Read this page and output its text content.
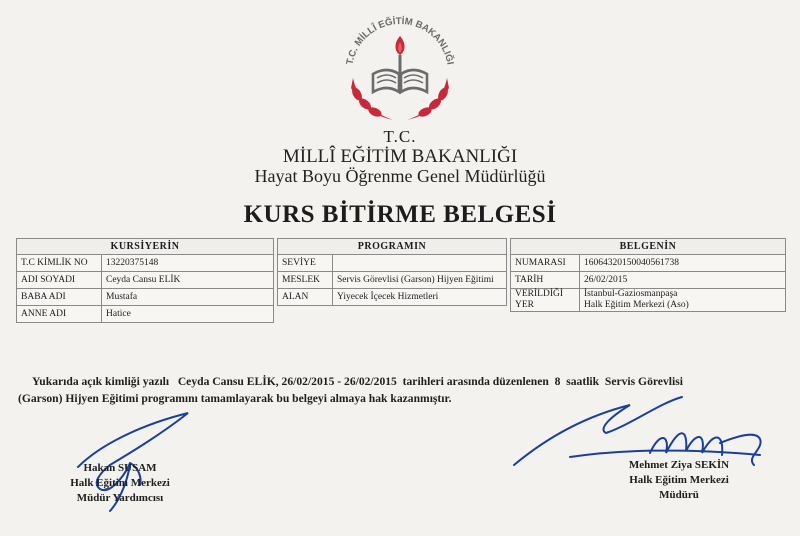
T.C. MİLLÎ EĞİTİM BAKANLIĞI
T.C.
MİLLÎ EĞİTİM BAKANLIĞI
Hayat Boyu Öğrenme Genel Müdürlüğü
KURS BİTİRME BELGESİ
KURSİYERİN	
T.C KİMLİK NO	13220375148
ADI SOYADI	Ceyda Cansu ELİK
BABA ADI	Mustafa
ANNE ADI	Hatice
PROGRAMIN	
SEVİYE	
MESLEK	Servis Görevlisi (Garson) Hijyen Eğitimi
ALAN	Yiyecek İçecek Hizmetleri
BELGENİN	
NUMARASI	16064320150040561738
TARİH	26/02/2015
VERİLDİĞİ YER	İstanbul-Gaziosmanpaşa
Halk Eğitim Merkezi (Aso)
Yukarıda açık kimliği yazılı Ceyda Cansu ELİK, 26/02/2015 - 26/02/2015  tarihleri arasında düzenlenen  8  saatlik  Servis Görevlisi
(Garson) Hijyen Eğitimi programını tamamlayarak bu belgeyi almaya hak kazanmıştır.
Hakan SUSAM
Halk Eğitim Merkezi
Müdür Yardımcısı
Mehmet Ziya SEKİN
Halk Eğitim Merkezi
Müdürü
